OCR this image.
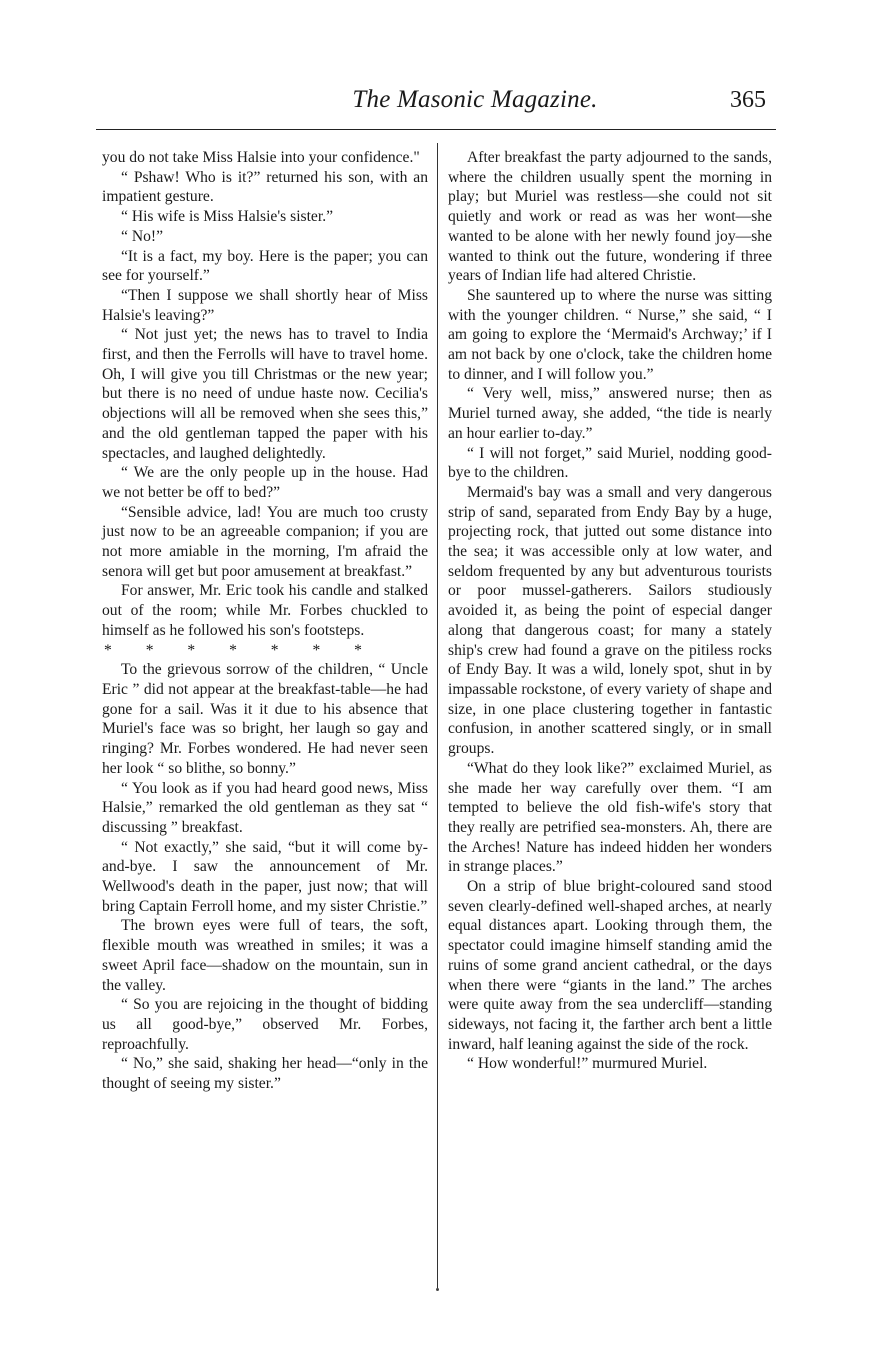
The Masonic Magazine.	365

you do not take Miss Halsie into your confidence."

“ Pshaw! Who is it?” returned his son, with an impatient gesture.

“ His wife is Miss Halsie's sister.”

“ No!”

“It is a fact, my boy. Here is the paper; you can see for yourself.”

“Then I suppose we shall shortly hear of Miss Halsie's leaving?”

“ Not just yet; the news has to travel to India first, and then the Ferrolls will have to travel home. Oh, I will give you till Christmas or the new year; but there is no need of undue haste now. Cecilia's objections will all be removed when she sees this,” and the old gentleman tapped the paper with his spectacles, and laughed delightedly.

“ We are the only people up in the house. Had we not better be off to bed?”

“Sensible advice, lad! You are much too crusty just now to be an agreeable companion; if you are not more amiable in the morning, I'm afraid the senora will get but poor amusement at breakfast.”

For answer, Mr. Eric took his candle and stalked out of the room; while Mr. Forbes chuckled to himself as he followed his son's footsteps.

* * * * * * *

To the grievous sorrow of the children, “ Uncle Eric ” did not appear at the breakfast-table—he had gone for a sail. Was it it due to his absence that Muriel's face was so bright, her laugh so gay and ringing? Mr. Forbes wondered. He had never seen her look “ so blithe, so bonny.”

“ You look as if you had heard good news, Miss Halsie,” remarked the old gentleman as they sat “ discussing ” breakfast.

“ Not exactly,” she said, “but it will come by-and-bye. I saw the announcement of Mr. Wellwood's death in the paper, just now; that will bring Captain Ferroll home, and my sister Christie.”

The brown eyes were full of tears, the soft, flexible mouth was wreathed in smiles; it was a sweet April face—shadow on the mountain, sun in the valley.

“ So you are rejoicing in the thought of bidding us all good-bye,” observed Mr. Forbes, reproachfully.

“ No,” she said, shaking her head—“only in the thought of seeing my sister.”

After breakfast the party adjourned to the sands, where the children usually spent the morning in play; but Muriel was restless—she could not sit quietly and work or read as was her wont—she wanted to be alone with her newly found joy—she wanted to think out the future, wondering if three years of Indian life had altered Christie.

She sauntered up to where the nurse was sitting with the younger children. “ Nurse,” she said, “ I am going to explore the ‘Mermaid's Archway;’ if I am not back by one o'clock, take the children home to dinner, and I will follow you.”

“ Very well, miss,” answered nurse; then as Muriel turned away, she added, “the tide is nearly an hour earlier to-day.”

“ I will not forget,” said Muriel, nodding good-bye to the children.

Mermaid's bay was a small and very dangerous strip of sand, separated from Endy Bay by a huge, projecting rock, that jutted out some distance into the sea; it was accessible only at low water, and seldom frequented by any but adventurous tourists or poor mussel-gatherers. Sailors studiously avoided it, as being the point of especial danger along that dangerous coast; for many a stately ship's crew had found a grave on the pitiless rocks of Endy Bay. It was a wild, lonely spot, shut in by impassable rockstone, of every variety of shape and size, in one place clustering together in fantastic confusion, in another scattered singly, or in small groups.

“What do they look like?” exclaimed Muriel, as she made her way carefully over them. “I am tempted to believe the old fish-wife's story that they really are petrified sea-monsters. Ah, there are the Arches! Nature has indeed hidden her wonders in strange places.”

On a strip of blue bright-coloured sand stood seven clearly-defined well-shaped arches, at nearly equal distances apart. Looking through them, the spectator could imagine himself standing amid the ruins of some grand ancient cathedral, or the days when there were “giants in the land.” The arches were quite away from the sea undercliff—standing sideways, not facing it, the farther arch bent a little inward, half leaning against the side of the rock.

“ How wonderful!” murmured Muriel.
